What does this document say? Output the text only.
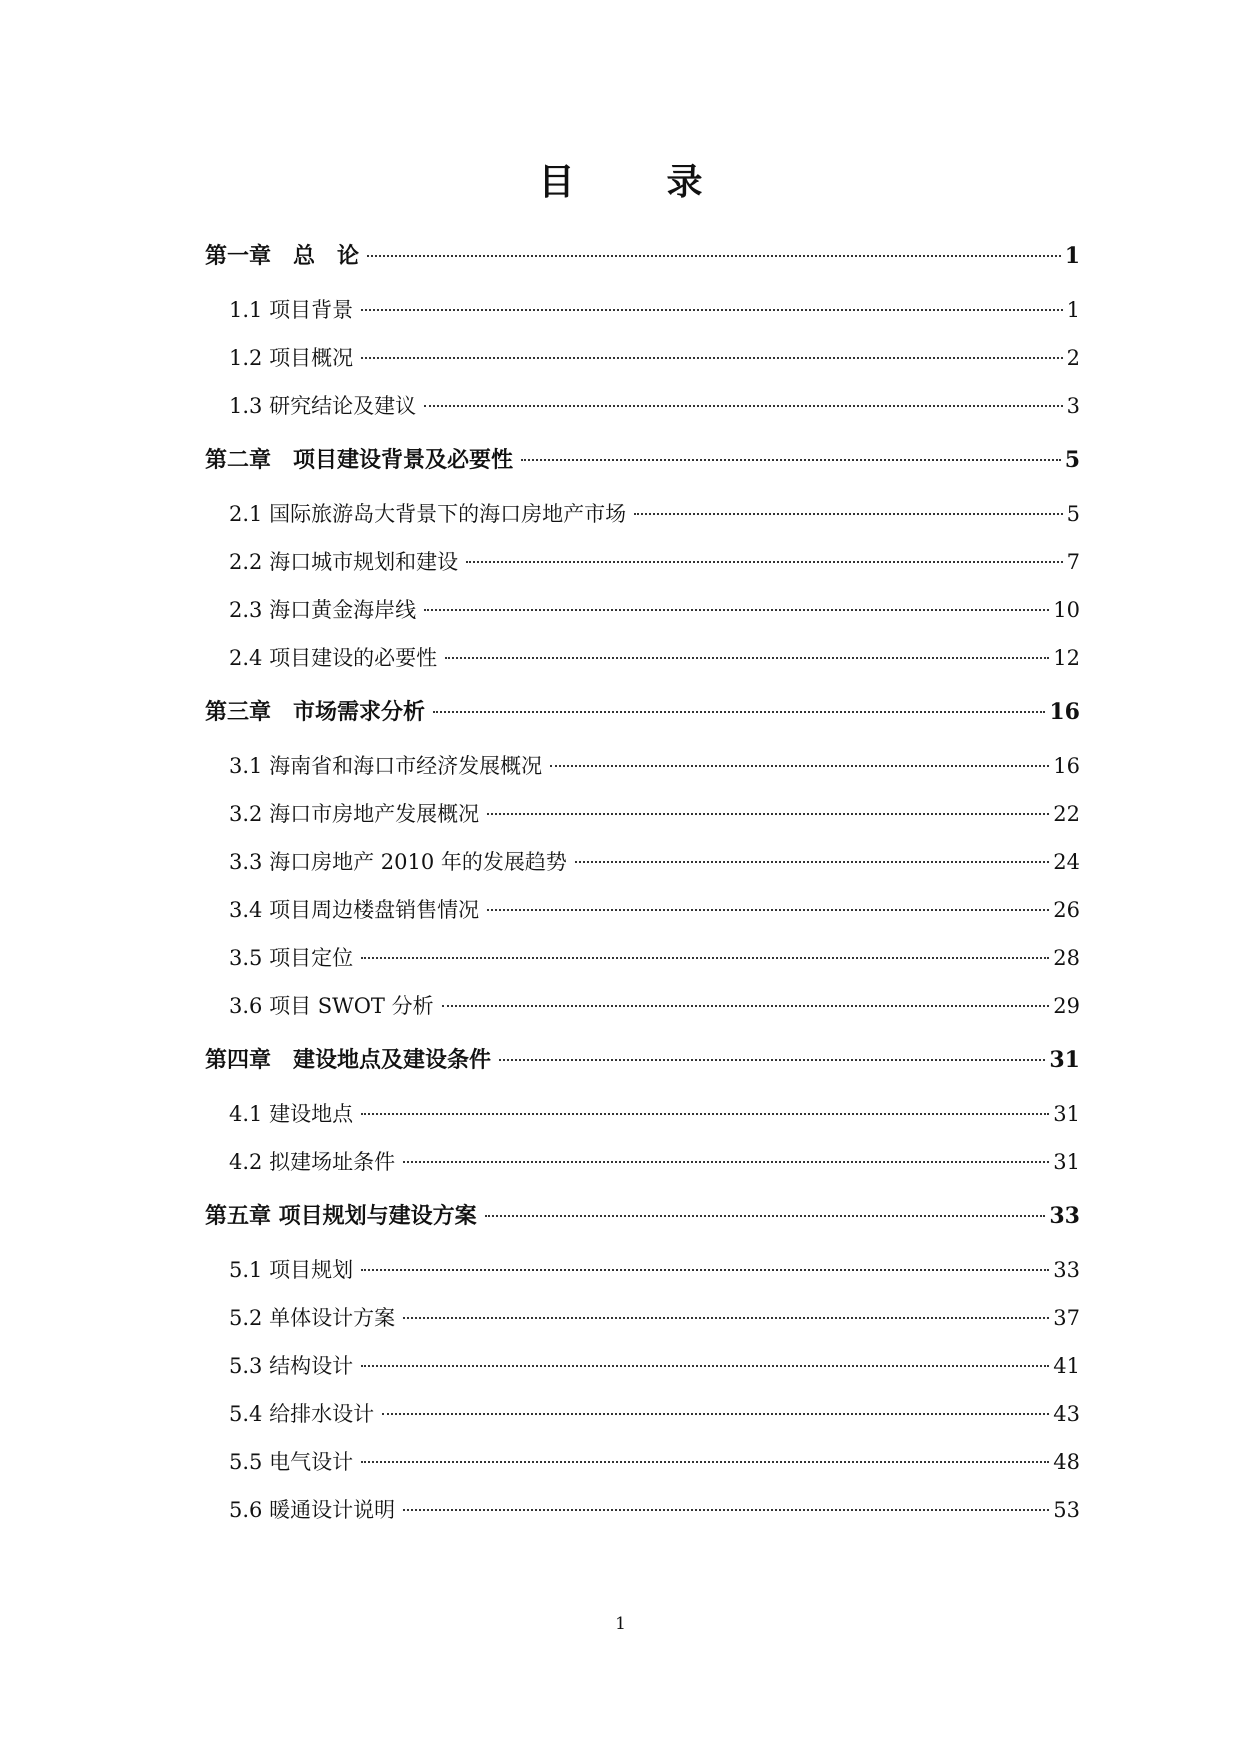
目　录
第一章　总　论	1
1.1 项目背景	1
1.2 项目概况	2
1.3 研究结论及建议	3
第二章　项目建设背景及必要性	5
2.1 国际旅游岛大背景下的海口房地产市场	5
2.2 海口城市规划和建设	7
2.3 海口黄金海岸线	10
2.4 项目建设的必要性	12
第三章　市场需求分析	16
3.1 海南省和海口市经济发展概况	16
3.2 海口市房地产发展概况	22
3.3 海口房地产 2010 年的发展趋势	24
3.4 项目周边楼盘销售情况	26
3.5 项目定位	28
3.6 项目 SWOT 分析	29
第四章　建设地点及建设条件	31
4.1 建设地点	31
4.2 拟建场址条件	31
第五章 项目规划与建设方案	33
5.1 项目规划	33
5.2 单体设计方案	37
5.3 结构设计	41
5.4 给排水设计	43
5.5 电气设计	48
5.6 暖通设计说明	53
1
